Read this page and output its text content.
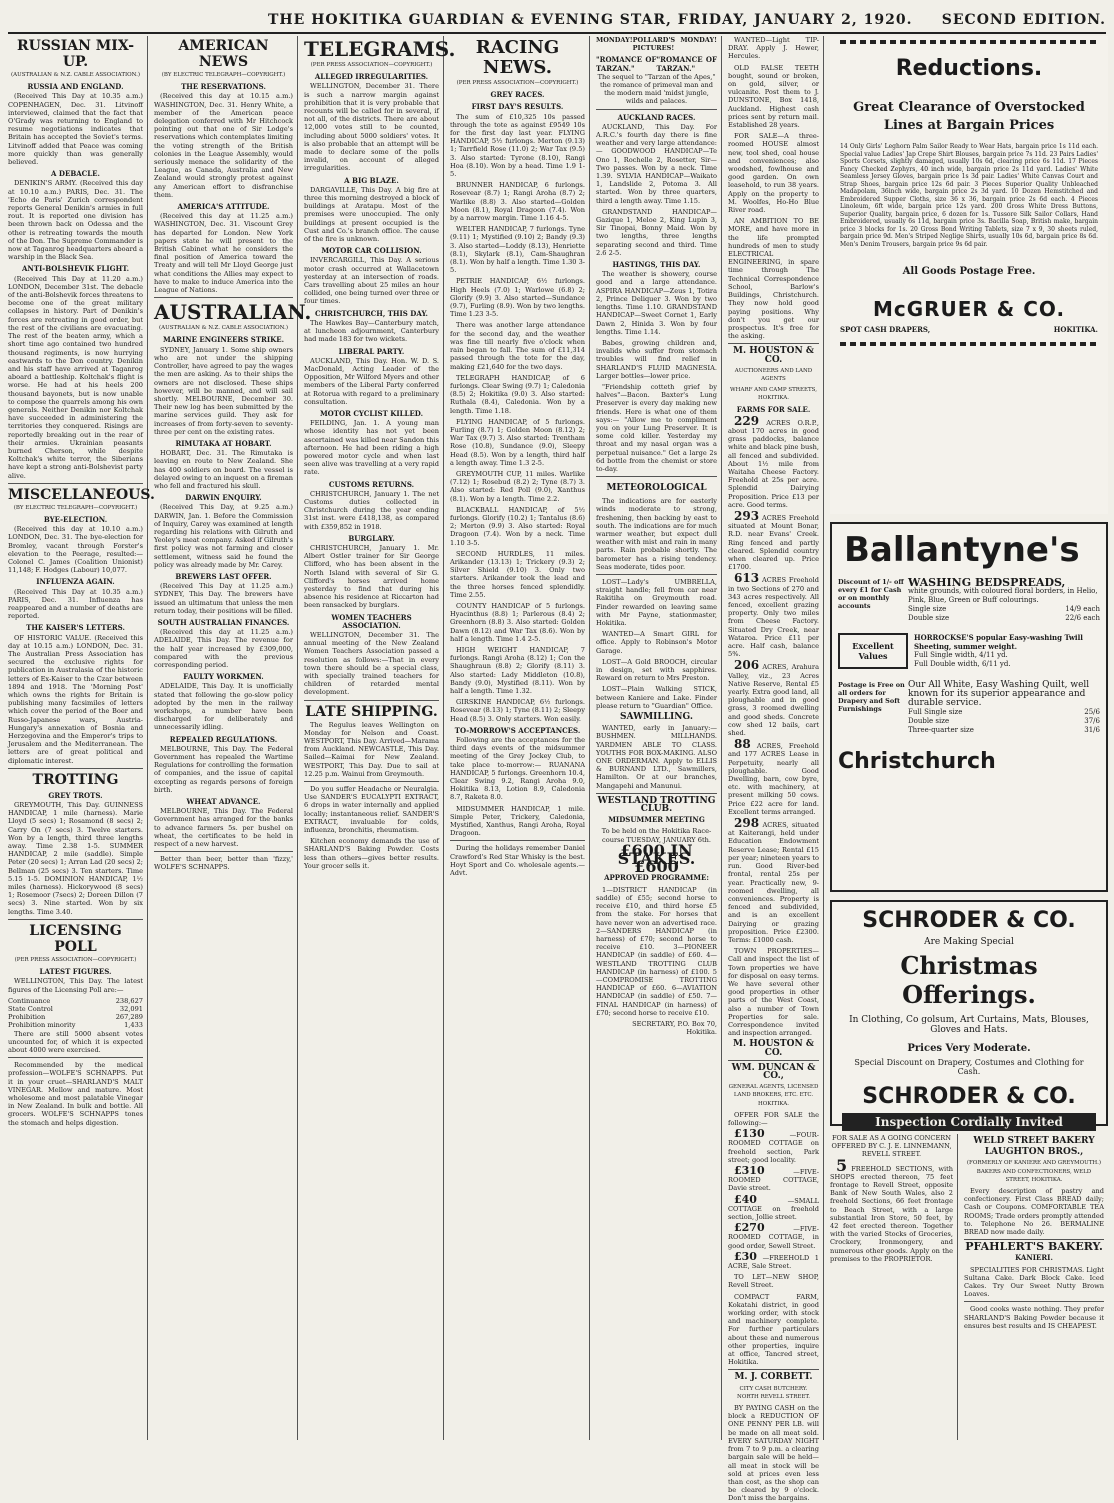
THE HOKITIKA GUARDIAN & EVENING STAR, FRIDAY, JANUARY 2, 1920. SECOND EDITION.
RUSSIAN MIX-UP.
(AUSTRALIAN & N.Z. CABLE ASSOCIATION.)
RUSSIA AND ENGLAND.

(Received This Day at 10.35 a.m.) COPENHAGEN, Dec. 31. Litvinoff interviewed, claimed that the fact that O'Grady was returning to England to resume negotiations indicates that Britain has accepted the Soviet's terms. Litvinoff added that Peace was coming more quickly than was generally believed.

A DEBACLE.

DENIKIN'S ARMY. (Received this day at 10.10 a.m.) PARIS, Dec. 31. The 'Echo de Paris' Zurich correspondent reports General Denikin's armies in full rout. It is reported one division has been thrown back on Odessa and the other is retreating towards the mouth of the Don. The Supreme Commander is now at Taganrog headquarters aboard a warship in the Black Sea.

ANTI-BOLSHEVIK FLIGHT.

(Received This Day at 11.20 a.m.) LONDON, December 31st. The debacle of the anti-Bolshevik forces threatens to become one of the great military collapses in history. Part of Denikin's forces are retreating in good order, but the rest of the civilians are evacuating. The rest of the beaten army, which a short time ago contained two hundred thousand regiments, is now hurrying eastwards to the Don country. Denikin and his staff have arrived at Taganrog aboard a battleship. Koltchak's flight is worse. He had at his heels 200 thousand bayonets, but is now unable to compose the quarrels among his own generals. Neither Denikin nor Koltchak have succeeded in administering the territories they conquered. Risings are reportedly breaking out in the rear of their armies. Ukrainian peasants burned Cherson, while despite Koltchak's white terror, the Siberians have kept a strong anti-Bolshevist party alive.

MISCELLANEOUS.
(BY ELECTRIC TELEGRAPH—COPYRIGHT.)
BYE-ELECTION.

(Received this day at 10.10 a.m.) LONDON, Dec. 31. The bye-election for Bromley, vacant through Forster's elevation to the Peerage, resulted:— Colonel C. James (Coalition Unionist) 11,148; F. Hodges (Labour) 10,077.

INFLUENZA AGAIN.

(Received This Day at 10.35 a.m.) PARIS, Dec. 31. Influenza has reappeared and a number of deaths are reported.

THE KAISER'S LETTERS.

OF HISTORIC VALUE. (Received this day at 10.15 a.m.) LONDON, Dec. 31. The Australian Press Association has secured the exclusive rights for publication in Australasia of the historic letters of Ex-Kaiser to the Czar between 1894 and 1918. The 'Morning Post' which owns the rights for Britain is publishing many facsimiles of letters which cover the period of the Boer and Russo-Japanese wars, Austria-Hungary's annexation of Bosnia and Herzegovina and the Emperor's trips to Jerusalem and the Mediterranean. The letters are of great political and diplomatic interest.

TROTTING
GREY TROTS.

GREYMOUTH, This Day. GUINNESS HANDICAP, 1 mile (harness). Marie Lloyd (5 secs) 1; Rosamond (8 secs) 2; Carry On (7 secs) 3. Twelve starters. Won by a length, third three lengths away. Time 2.38 1-5. SUMMER HANDICAP, 2 mile (saddle). Simple Peter (20 secs) 1; Arran Lad (20 secs) 2; Bellman (25 secs) 3. Ten starters. Time 5.15 1-5. DOMINION HANDICAP, 1½ miles (harness). Hickorywood (8 secs) 1; Rosemoor (7secs) 2; Doreen Dillon (7 secs) 3. Nine started. Won by six lengths. Time 3.40.

LICENSING POLL
(PER PRESS ASSOCIATION—COPYRIGHT.)
LATEST FIGURES.

WELLINGTON, This Day. The latest figures of the Licensing Poll are:—

Continuance	238,627
State Control	32,091
Prohibition	267,289
Prohibition minority	1,433

There are still 5000 absent votes uncounted for, of which it is expected about 4000 were exercised.

Recommended by the medical profession—WOLFE'S SCHNAPPS. Put it in your cruet—SHARLAND'S MALT VINEGAR. Mellow and mature. Most wholesome and most palatable Vinegar in New Zealand. In bulk and bottle. All grocers. WOLFE'S SCHNAPPS tones the stomach and helps digestion.

AMERICAN NEWS
(BY ELECTRIC TELEGRAPH—COPYRIGHT.)
THE RESERVATIONS.

(Received this day at 10.15 a.m.) WASHINGTON, Dec. 31. Henry White, a member of the American peace delegation conferred with Mr Hitchcock pointing out that one of Sir Lodge's reservations which contemplates limiting the voting strength of the British colonies in the League Assembly, would seriously menace the solidarity of the League, as Canada, Australia and New Zealand would strongly protest against any American effort to disfranchise them.

AMERICA'S ATTITUDE.

(Received this day at 11.25 a.m.) WASHINGTON, Dec. 31. Viscount Grey has departed for London. New York papers state he will present to the British Cabinet what he considers the final position of America toward the Treaty and will tell Mr Lloyd George just what conditions the Allies may expect to have to make to induce America into the League of Nations.

AUSTRALIAN.
(AUSTRALIAN & N.Z. CABLE ASSOCIATION.)
MARINE ENGINEERS STRIKE.

SYDNEY, January 1. Some ship owners who are not under the shipping Controller, have agreed to pay the wages the men are asking. As to their ships the owners are not disclosed. These ships however, will be manned, and will sail shortly. MELBOURNE, December 30. Their new log has been submitted by the marine services guild. They ask for increases of from forty-seven to seventy-three per cent on the existing rates.

RIMUTAKA AT HOBART.

HOBART, Dec. 31. The Rimutaka is leaving en route to New Zealand. She has 400 soldiers on board. The vessel is delayed owing to an inquest on a fireman who fell and fractured his skull.

DARWIN ENQUIRY.

(Received This Day, at 9.25 a.m.) DARWIN, Jan. 1. Before the Commission of Inquiry, Carey was examined at length regarding his relations with Gilruth and Yeoley's meat company. Asked if Gilruth's first policy was not farming and closer settlement, witness said he found the policy was already made by Mr. Carey.

BREWERS LAST OFFER.

(Received This Day at 11.25 a.m.) SYDNEY, This Day. The brewers have issued an ultimatum that unless the men return today, their positions will be filled.

SOUTH AUSTRALIAN FINANCES.

(Received this day at 11.25 a.m.) ADELAIDE, This Day. The revenue for the half year increased by £309,000, compared with the previous corresponding period.

FAULTY WORKMEN.

ADELAIDE, This Day. It is unofficially stated that following the go-slow policy adopted by the men in the railway workshops, a number have been discharged for deliberately and unnecessarily idling.

REPEALED REGULATIONS.

MELBOURNE, This Day. The Federal Government has repealed the Wartime Regulations for controlling the formation of companies, and the issue of capital excepting as regards persons of foreign birth.

WHEAT ADVANCE.

MELBOURNE, This Day. The Federal Government has arranged for the banks to advance farmers 5s. per bushel on wheat, the certificates to be held in respect of a new harvest.

Better than beer, better than 'fizzy,' WOLFE'S SCHNAPPS.

TELEGRAMS.
(PER PRESS ASSOCIATION—COPYRIGHT.)
ALLEGED IRREGULARITIES.

WELLINGTON, December 31. There is such a narrow margin against prohibition that it is very probable that recounts will be called for in several, if not all, of the districts. There are about 12,000 votes still to be counted, including about 5000 soldiers' votes. It is also probable that an attempt will be made to declare some of the polls invalid, on account of alleged irregularities.

A BIG BLAZE.

DARGAVILLE, This Day. A big fire at three this morning destroyed a block of buildings at Aratapu. Most of the premises were unoccupied. The only buildings at present occupied is the Cust and Co.'s branch office. The cause of the fire is unknown.

MOTOR CAR COLLISION.

INVERCARGILL, This Day. A serious motor crash occurred at Wallacetown yesterday at an intersection of roads. Cars travelling about 25 miles an hour collided, one being turned over three or four times.

CHRISTCHURCH, THIS DAY.

The Hawkes Bay—Canterbury match, at luncheon adjournment, Canterbury had made 183 for two wickets.

LIBERAL PARTY.

AUCKLAND, This Day. Hon. W. D. S. MacDonald, Acting Leader of the Opposition, Mr Wilford Myers and other members of the Liberal Party conferred at Rotorua with regard to a preliminary consultation.

MOTOR CYCLIST KILLED.

FEILDING, Jan. 1. A young man whose identity has not yet been ascertained was killed near Sandon this afternoon. He had been riding a high powered motor cycle and when last seen alive was travelling at a very rapid rate.

CUSTOMS RETURNS.

CHRISTCHURCH, January 1. The net Customs duties collected in Christchurch during the year ending 31st inst. were £418,138, as compared with £359,852 in 1918.

BURGLARY.

CHRISTCHURCH, January 1. Mr. Albert Ostler trainer for Sir George Clifford, who has been absent in the North Island with several of Sir G. Clifford's horses arrived home yesterday to find that during his absence his residence at Riccarton had been ransacked by burglars.

WOMEN TEACHERS ASSOCIATION.

WELLINGTON, December 31. The annual meeting of the New Zealand Women Teachers Association passed a resolution as follows:—That in every town there should be a special class, with specially trained teachers for children of retarded mental development.

LATE SHIPPING.

The Regulus leaves Wellington on Monday for Nelson and Coast. WESTPORT, This Day. Arrived—Marama from Auckland. NEWCASTLE, This Day. Sailed—Kaimai for New Zealand. WESTPORT, This Day. Due to sail at 12.25 p.m. Wainui from Greymouth.

Do you suffer Headache or Neuralgia. Use SANDER'S EUCALYPTI EXTRACT, 6 drops in water internally and applied locally; instantaneous relief. SANDER'S EXTRACT, invaluable for colds, influenza, bronchitis, rheumatism.

Kitchen economy demands the use of SHARLAND'S Baking Powder. Costs less than others—gives better results. Your grocer sells it.

RACING NEWS.
(PER PRESS ASSOCIATION—COPYRIGHT.)
GREY RACES.
FIRST DAY'S RESULTS.

The sum of £10,325 10s passed through the tote as against £9549 10s for the first day last year. FLYING HANDICAP, 5½ furlongs. Merton (9.13) 1; Tarrfield Rose (11.0) 2; War Tax (9.5) 3. Also started: Tyrone (8.10), Rangi Hoa (8.10). Won by a head. Time 1.9 1-5.

BRUNNER HANDICAP, 6 furlongs. Rosevear (8.7) 1; Rangi Aroha (8.7) 2; Warlike (8.8) 3. Also started—Golden Moon (8.1), Royal Dragoon (7.4). Won by a narrow margin. Time 1.16 4-5.

WELTER HANDICAP, 7 furlongs. Tyne (9.11) 1; Mystified (9.10) 2; Bandy (9.3) 3. Also started—Loddy (8.13), Henriette (8.1), Skylark (8.1), Cam-Shaughran (8.1). Won by half a length. Time 1.30 3-5.

PETRIE HANDICAP, 6½ furlongs. High Heels (7.0) 1; Warlowe (6.8) 2; Glorify (9.9) 3. Also started—Sundance (9.7), Furling (8.9). Won by two lengths. Time 1.23 3-5.

There was another large attendance for the second day, and the weather was fine till nearly five o'clock when rain began to fall. The sum of £11,314 passed through the tote for the day, making £21,640 for the two days.

TELEGRAPH HANDICAP, of 6 furlongs. Clear Swing (9.7) 1; Caledonia (8.5) 2; Hokitika (9.0) 3. Also started: Ruthala (8.4), Caledonia. Won by a length. Time 1.18.

FLYING HANDICAP, of 5 furlongs. Furling (8.7) 1; Golden Moon (8.12) 2; War Tax (9.7) 3. Also started: Trentham Rose (10.8), Sundance (9.0), Sleepy Head (8.5). Won by a length, third half a length away. Time 1.3 2-5.

GREYMOUTH CUP, 11 miles. Warlike (7.12) 1; Rosebud (8.2) 2; Tyne (8.7) 3. Also started: Red Poll (9.0), Xanthus (8.1). Won by a length. Time 2.2.

BLACKBALL HANDICAP, of 5½ furlongs. Glorify (10.2) 1; Tantalus (8.6) 2; Merton (9.9) 3. Also started: Royal Dragoon (7.4). Won by a neck. Time 1.10 3-5.

SECOND HURDLES, 11 miles. Arikander (13.13) 1; Trickery (9.3) 2; Silver Shield (9.10) 3. Only two starters. Arikander took the lead and the three horses fenced splendidly. Time 2.55.

COUNTY HANDICAP of 5 furlongs. Hyacinthus (8.8) 1; Parlerous (8.4) 2; Greenhorn (8.8) 3. Also started: Golden Dawn (8.12) and War Tax (8.6). Won by half a length. Time 1.4 2-5.

HIGH WEIGHT HANDICAP, 7 furlongs. Rangi Aroha (8.12) 1; Con the Shaughraun (8.8) 2; Glorify (8.11) 3. Also started: Lady Middleton (10.8), Bandy (9.0), Mystified (8.11). Won by half a length. Time 1.32.

GIRSKINE HANDICAP, 6½ furlongs. Rosevear (8.13) 1; Tyne (8.11) 2; Sleepy Head (8.5) 3. Only starters. Won easily.

TO-MORROW'S ACCEPTANCES.

Following are the acceptances for the third days events of the midsummer meeting of the Grey Jockey Club, to take place to-morrow:— RUANANA HANDICAP, 5 furlongs. Greenhorn 10.4, Clear Swing 9.2, Rangi Aroha 9.0, Hokitika 8.13, Lotion 8.9, Caledonia 8.7, Raketa 8.0.

MIDSUMMER HANDICAP, 1 mile. Simple Peter, Trickery, Caledonia, Mystified, Xanthus, Rangi Aroha, Royal Dragoon.

During the holidays remember Daniel Crawford's Red Star Whisky is the best. Hoyt Sport and Co. wholesale agents.—Advt.

MONDAY! POLLARD'S PICTURES!
MONDAY!
"ROMANCE OF TARZAN."
"ROMANCE OF TARZAN."

The sequel to "Tarzan of the Apes," the romance of primeval man and the modern maid 'midst jungle, wilds and palaces.

AUCKLAND RACES.

AUCKLAND, This Day. For A.R.C.'s fourth day there is fine weather and very large attendance:— GOODWOOD HANDICAP—Te Ono 1, Rochelle 2, Rosetter, Sir—Two passes. Won by a neck. Time 1.39. SYLVIA HANDICAP—Waikato 1, Landslide 2, Potoma 3. All started. Won by three quarters, third a length away. Time 1.15.

GRANDSTAND HANDICAP—Gazique 1, Meloe 2, King Lupin 3, Sir Tinopai, Bonny Maid. Won by two lengths, three lengths separating second and third. Time 2.6 2-5.

HASTINGS, THIS DAY.

The weather is showery, course good and a large attendance. ASPIRA HANDICAP—Zeus 1, Totira 2, Prince Deliquer 3. Won by two lengths. Time 1.10. GRANDSTAND HANDICAP—Sweet Cornet 1, Early Dawn 2, Hinida 3. Won by four lengths. Time 1.14.

Babes, growing children and, invalids who suffer from stomach troubles will find relief in SHARLAND'S FLUID MAGNESIA. Larger bottles—lower price.

"Friendship cotteth grief by halves"—Bacon. Baxter's Lung Preserver is every day making new friends. Here is what one of them says:— "Allow me to compliment you on your Lung Preserver. It is some cold killer. Yesterday my throat and my nasal organ was a perpetual nuisance." Get a large 2s 6d bottle from the chemist or store to-day.

METEOROLOGICAL

The indications are for easterly winds moderate to strong, freshening, then backing by east to south. The indications are for much warmer weather, but expect dull weather with mist and rain in many parts. Rain probable shortly. The barometer has a rising tendency. Seas moderate, tides poor.

LOST—Lady's UMBRELLA, straight handle; fell from car near Rakitiha on Greymouth road. Finder rewarded on leaving same with Mr Payne, stationmaster, Hokitika.

WANTED—A Smart GIRL for office. Apply to Robinson's Motor Garage.

LOST—A Gold BROOCH, circular in design, set with sapphires. Reward on return to Mrs Preston.

LOST—Plain Walking STICK, between Kaniere and Lake. Finder please return to "Guardian" Office.

SAWMILLING.

WANTED, early in January:— BUSHMEN. MILLHANDS. YARDMEN ABLE TO CLASS. YOUTHS FOR BOX-MAKING. ALSO ONE ORDERMAN. Apply to ELLIS & BURNAND LTD., Sawmillers, Hamilton. Or at our branches, Mangapehi and Manunui.

WESTLAND TROTTING CLUB.
MIDSUMMER MEETING

To be held on the Hokitika Race-course TUESDAY, JANUARY 6th.

£600 IN STAKES. £600
APPROVED PROGRAMME:

1—DISTRICT HANDICAP (in saddle) of £55; second horse to receive £10, and third horse £5 from the stake. For horses that have never won an advertised race. 2—SANDERS HANDICAP (in harness) of £70; second horse to receive £10. 3—PIONEER HANDICAP (in saddle) of £60. 4—WESTLAND TROTTING CLUB HANDICAP (in harness) of £100. 5—COMPROMISE TROTTING HANDICAP of £60. 6—AVIATION HANDICAP (in saddle) of £50. 7—FINAL HANDICAP (in harness) of £70; second horse to receive £10.

SECRETARY, P.O. Box 70, Hokitika.

WANTED—Light TIP-DRAY. Apply J. Hewer, Hercules.

OLD FALSE TEETH bought, sound or broken, on gold, silver, or vulcanite. Post them to J. DUNSTONE, Box 1418, Auckland. Highest cash prices sent by return mail. Established 28 years.

FOR SALE—A three-roomed HOUSE almost new, tool shed, coal house and conveniences; also woodshed, fowlhouse and good garden. On own leasehold, to run 38 years. Apply on the property to M. Woolfes, Ho-Ho Blue River road.

AN AMBITION TO BE MORE, and have more in the life prompted hundreds of men to study ELECTRICAL ENGINEERING, in spare time through The Technical Correspondence School, Barlow's Buildings, Christchurch. They now hold good paying positions. Why don't you get our prospectus. It's free for the asking.

M. HOUSTON & CO.
AUCTIONEERS AND LAND AGENTS
WHARF AND CAMP STREETS, HOKITIKA.
FARMS FOR SALE.

229 ACRES O.R.P., about 170 acres in good grass paddocks, balance white and black pine bush, all fenced and subdivided. About 1½ mile from Waitaha Cheese Factory. Freehold at 25s per acre. Splendid Dairying Proposition. Price £13 per acre. Good terms.

293 ACRES Freehold situated at Mount Bonar, R.D. near Evans' Creek. Ring fenced and partly cleared. Splendid country when cleared up. Price £1700.

613 ACRES Freehold in two Sections of 270 and 343 acres respectively. All fenced, excellent grazing property. Only two miles from Cheese Factory. Situated Dry Creek, near Wataroa. Price £11 per acre. Half cash, balance 5%.

206 ACRES, Arahura Valley, viz., 23 Acres Native Reserve, Rental £5 yearly. Extra good land, all ploughable and in good grass, 3 roomed dwelling and good sheds. Concrete cow shed 12 bails, cart shed.

88 ACRES, Freehold and 177 ACRES Lease in Perpetuity, nearly all ploughable. Good Dwelling, barn, cow byre, etc. with machinery, at present milking 50 cows. Price £22 acre for land. Excellent terms arranged.

298 ACRES, situated at Kaiterangi, held under Education Endowment Reserve Lease; Rental £15 per year; nineteen years to run. Good River-bed frontal, rental 25s per year. Practically new, 9-roomed dwelling, all conveniences. Property is fenced and subdivided, and is an excellent Dairying or grazing proposition. Price £2300. Terms: £1000 cash.

TOWN PROPERTIES—Call and inspect the list of Town properties we have for disposal on easy terms. We have several other good properties in other parts of the West Coast, also a number of Town Properties for sale. Correspondence invited and inspection arranged.

M. HOUSTON & CO.
WM. DUNCAN & CO.,
GENERAL AGENTS, LICENSED LAND BROKERS, ETC. ETC. HOKITIKA.

OFFER FOR SALE the following:—

£130	—FOUR-ROOMED COTTAGE on freehold section, Park street; good locality.

£310	—FIVE-ROOMED COTTAGE, Davie street.

£40	—SMALL COTTAGE on freehold section, Jollie street.

£270	—FIVE-ROOMED COTTAGE, in good order, Sewell Street.

£30 —FREEHOLD 1 ACRE, Sale Street.

TO LET—NEW SHOP, Revell Street.

COMPACT FARM, Kokatahi district, in good working order, with stock and machinery complete. For further particulars about these and numerous other properties, inquire at office, Tancred street, Hokitika.

M. J. CORBETT.
CITY CASH BUTCHERY. NORTH REVELL STREET.

BY PAYING CASH on the block a REDUCTION OF ONE PENNY PER LB. will be made on all meat sold. EVERY SATURDAY NIGHT from 7 to 9 p.m. a clearing bargain sale will be held—all meat in stock will be sold at prices even less than cost, as the shop can be cleared by 9 o'clock. Don't miss the bargains.

Reductions.
Great Clearance of Overstocked Lines at Bargain Prices
14 Only Girls' Leghorn Palm Sailor Ready to Wear Hats, bargain price 1s 11d each. Special value Ladies' Jap Crepe Shirt Blouses, bargain price 7s 11d. 23 Pairs Ladies' Sports Corsets, slightly damaged, usually 10s 6d, clearing price 6s 11d. 17 Pieces Fancy Checked Zephyrs, 40 inch wide, bargain price 2s 11d yard. Ladies' White Seamless Jersey Gloves, bargain price 1s 3d pair. Ladies' White Canvas Court and Strap Shoes, bargain price 12s 6d pair. 3 Pieces Superior Quality Unbleached Madapolam, 36inch wide, bargain price 2s 3d yard. 10 Dozen Hemstitched and Embroidered Supper Cloths, size 36 x 36, bargain price 2s 6d each. 4 Pieces Linoleum, 6ft wide, bargain price 12s yard. 200 Gross White Dress Buttons, Superior Quality, bargain price, 6 dozen for 1s. Tussore Silk Sailor Collars, Hand Embroidered, usually 6s 11d, bargain price 3s. Bacilla Soap, British make, bargain price 3 blocks for 1s. 20 Gross Bond Writing Tablets, size 7 x 9, 30 sheets ruled, bargain price 9d. Men's Striped Neglige Shirts, usually 10s 6d, bargain price 8s 6d. Men's Denim Trousers, bargain price 9s 6d pair.
All Goods Postage Free.
McGRUER & CO.
SPOT CASH DRAPERS,	HOKITIKA.
Ballantyne's
Discount of 1/- off every £1 for Cash or on monthly accounts
WASHING BEDSPREADS,
white grounds, with coloured floral borders, in Helio, Pink, Blue, Green or Buff colourings.
Single size	14/9 each
Double size	22/6 each
Excellent Values
HORROCKSE'S popular Easy-washing Twill Sheeting, summer weight.
Full Single width, 4/11 yd.
Full Double width, 6/11 yd.
Postage is Free on all orders for Drapery and Soft Furnishings
Our All White, Easy Washing Quilt, well known for its superior appearance and durable service.
Full Single size	25/6
Double size	37/6
Three-quarter size	31/6
Christchurch
SCHRODER & CO.
Are Making Special
Christmas Offerings.
In Clothing, Co golsum, Art Curtains, Mats, Blouses, Gloves and Hats.
Prices Very Moderate.
Special Discount on Drapery, Costumes and Clothing for Cash.
SCHRODER & CO.
Inspection Cordially Invited

FOR SALE AS A GOING CONCERN OFFERED BY C. J. E. LINNEMANN, REVELL STREET.

5 FREEHOLD SECTIONS, with SHOPS erected thereon, 75 feet frontage to Revell Street, opposite Bank of New South Wales, also 2 freehold Sections, 66 feet frontage to Beach Street, with a large substantial Iron Store, 50 feet, by 42 feet erected thereon. Together with the varied Stocks of Groceries, Crockery, Ironmongery, and numerous other goods. Apply on the premises to the PROPRIETOR.

WELD STREET BAKERY
LAUGHTON BROS.,
(FORMERLY OF KANIERE AND GREYMOUTH.) BAKERS AND CONFECTIONERS, WELD STREET, HOKITIKA.

Every description of pastry and confectionery. First Class BREAD daily; Cash or Coupons. COMFORTABLE TEA ROOMS; Trade orders promptly attended to. Telephone No 26. BERMALINE BREAD now made daily.

PFAHLERT'S BAKERY.
KANIERI.

SPECIALITIES FOR CHRISTMAS. Light Sultana Cake. Dark Block Cake. Iced Cakes. Try Our Sweet Nutty Brown Loaves.

Good cooks waste nothing. They prefer SHARLAND'S Baking Powder because it ensures best results and IS CHEAPEST.
